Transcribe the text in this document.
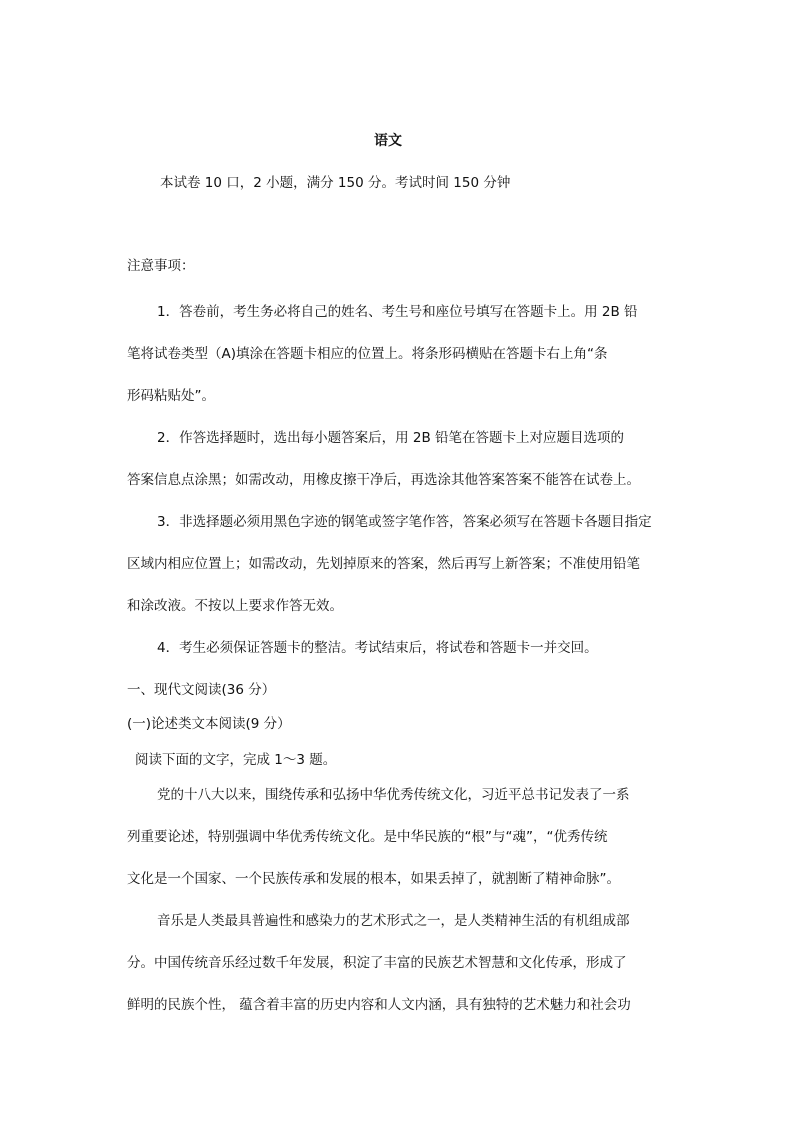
语文
本试卷 10 口，2 小题，满分 150 分。考试时间 150 分钟
注意事项：
1．答卷前，考生务必将自己的姓名、考生号和座位号填写在答题卡上。用 2B 铅
笔将试卷类型（A)填涂在答题卡相应的位置上。将条形码横贴在答题卡右上角“条
形码粘贴处”。
2．作答选择题时，选出每小题答案后，用 2B 铅笔在答题卡上对应题目选项的
答案信息点涂黑；如需改动，用橡皮擦干净后，再选涂其他答案答案不能答在试卷上。
3．非选择题必须用黑色字迹的钢笔或签字笔作答，答案必须写在答题卡各题目指定
区域内相应位置上；如需改动，先划掉原来的答案，然后再写上新答案；不准使用铅笔
和涂改液。不按以上要求作答无效。
4．考生必须保证答题卡的整洁。考试结束后，将试卷和答题卡一并交回。
一、现代文阅读(36 分）
(一)论述类文本阅读(9 分）
阅读下面的文字，完成 1～3 题。
党的十八大以来，围绕传承和弘扬中华优秀传统文化，习近平总书记发表了一系
列重要论述，特别强调中华优秀传统文化。是中华民族的“根”与“魂”，“优秀传统
文化是一个国家、一个民族传承和发展的根本，如果丢掉了，就割断了精神命脉”。
音乐是人类最具普遍性和感染力的艺术形式之一，是人类精神生活的有机组成部
分。中国传统音乐经过数千年发展，积淀了丰富的民族艺术智慧和文化传承，形成了
鲜明的民族个性， 蕴含着丰富的历史内容和人文内涵，具有独特的艺术魅力和社会功
